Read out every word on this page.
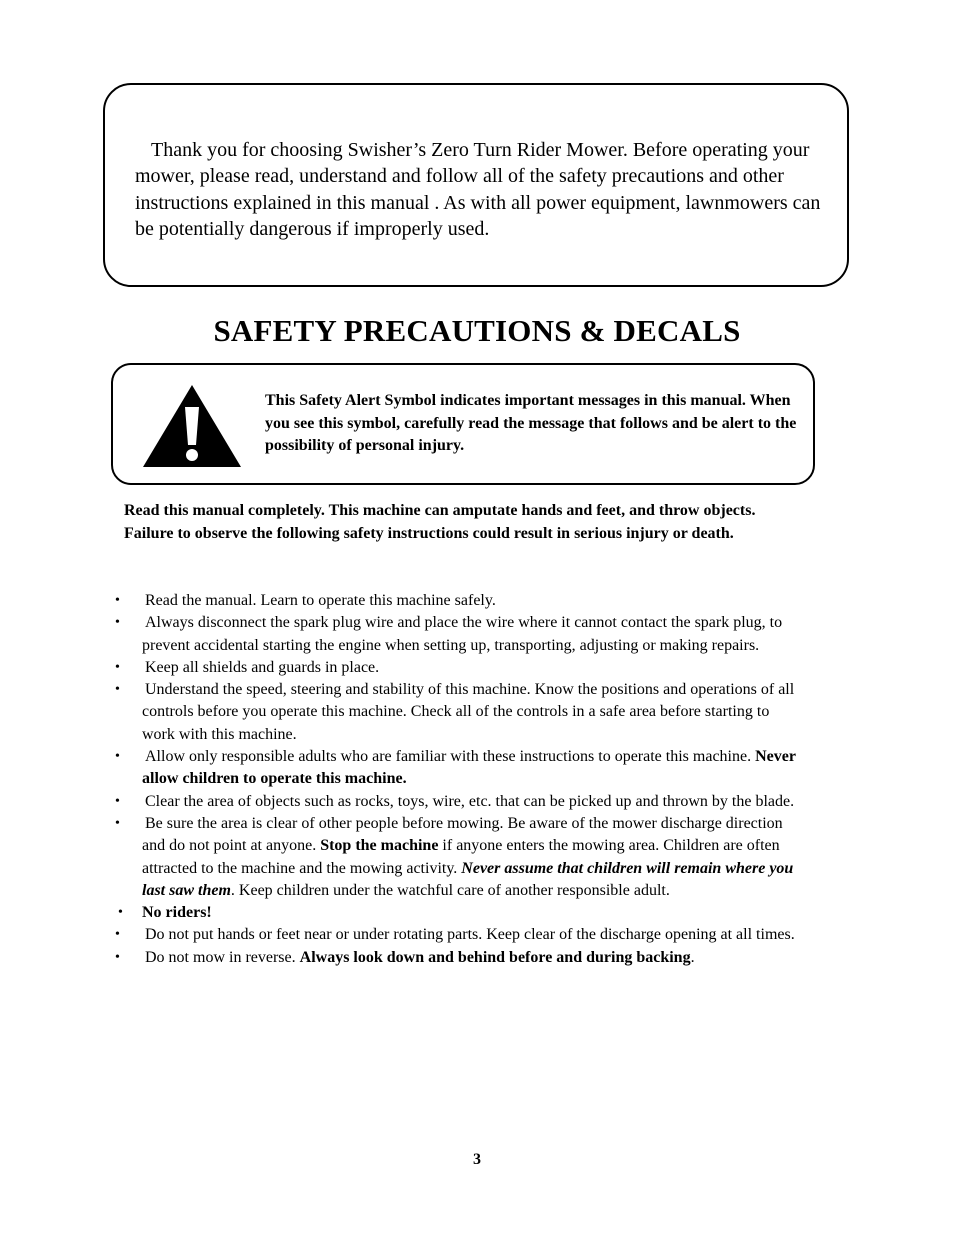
Thank you for choosing Swisher’s Zero Turn Rider Mower. Before operating your mower, please read, understand and follow all of the safety precautions and other instructions explained in this manual . As with all power equipment, lawnmowers can be potentially dangerous if improperly used.

SAFETY PRECAUTIONS & DECALS

This Safety Alert Symbol indicates important messages in this manual. When you see this symbol, carefully read the message that follows and be alert to the possibility of personal injury.

Read this manual completely. This machine can amputate hands and feet, and throw objects. Failure to observe the following safety instructions could result in serious injury or death.

• Read the manual. Learn to operate this machine safely.
• Always disconnect the spark plug wire and place the wire where it cannot contact the spark plug, to prevent accidental starting the engine when setting up, transporting, adjusting or making repairs.
• Keep all shields and guards in place.
• Understand the speed, steering and stability of this machine. Know the positions and operations of all controls before you operate this machine. Check all of the controls in a safe area before starting to work with this machine.
• Allow only responsible adults who are familiar with these instructions to operate this machine. Never allow children to operate this machine.
• Clear the area of objects such as rocks, toys, wire, etc. that can be picked up and thrown by the blade.
• Be sure the area is clear of other people before mowing. Be aware of the mower discharge direction and do not point at anyone. Stop the machine if anyone enters the mowing area. Children are often attracted to the machine and the mowing activity. Never assume that children will remain where you last saw them. Keep children under the watchful care of another responsible adult.
• No riders!
• Do not put hands or feet near or under rotating parts. Keep clear of the discharge opening at all times.
• Do not mow in reverse. Always look down and behind before and during backing.

3
